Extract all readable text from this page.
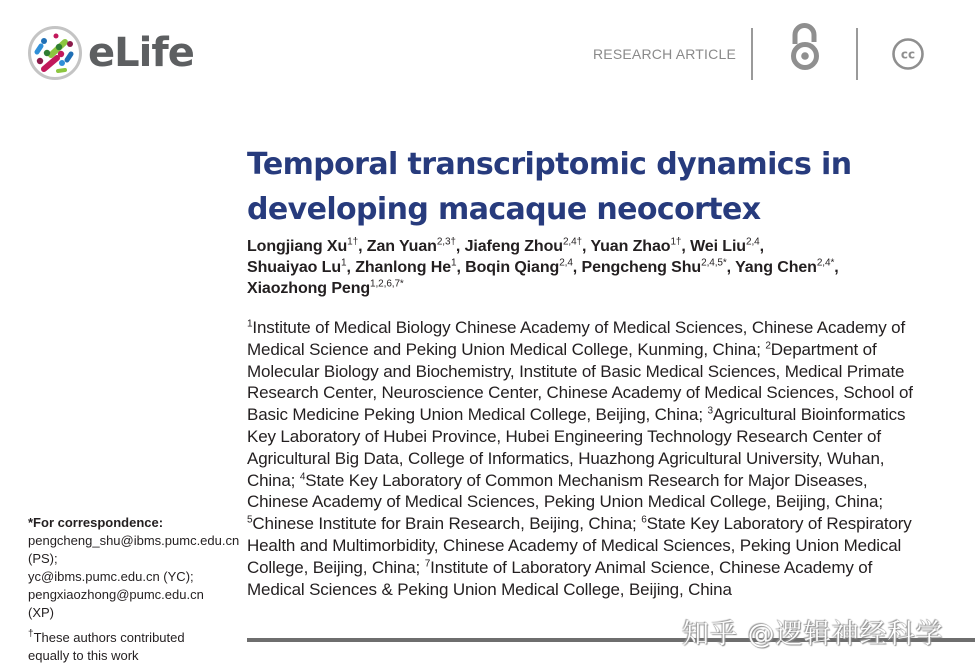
eLife	RESEARCH ARTICLE	cc
Temporal transcriptomic dynamics in developing macaque neocortex
Longjiang $Xu^{1\dagger}$, Zan Yuan$^{2,3\dagger}$, Jiafeng Zhou$^{2,4\dagger}$, Yuan Zhao$^{1\dagger}$, Wei Liu$^{2,4}$,
Shuaiyao Lu$^1$, Zhanlong He$^1$, Boqin Qiang$^{2,4}$, Pengcheng Shu$^{2,4,5*}$, Yang Chen$^{2,4*}$,
Xiaozhong Peng$^{1,2,6,7*}$
$^1$Institute of Medical Biology Chinese Academy of Medical Sciences, Chinese Academy of Medical Science and Peking Union Medical College, Kunming, China; $^2$Department of Molecular Biology and Biochemistry, Institute of Basic Medical Sciences, Medical Primate Research Center, Neuroscience Center, Chinese Academy of Medical Sciences, School of Basic Medicine Peking Union Medical College, Beijing, China; $^3$Agricultural Bioinformatics Key Laboratory of Hubei Province, Hubei Engineering Technology Research Center of Agricultural Big Data, College of Informatics, Huazhong Agricultural University, Wuhan, China; $^4$State Key Laboratory of Common Mechanism Research for Major Diseases, Chinese Academy of Medical Sciences, Peking Union Medical College, Beijing, China; $^5$Chinese Institute for Brain Research, Beijing, China; $^6$State Key Laboratory of Respiratory Health and Multimorbidity, Chinese Academy of Medical Sciences, Peking Union Medical College, Beijing, China; $^7$Institute of Laboratory Animal Science, Chinese Academy of Medical Sciences & Peking Union Medical College, Beijing, China
*For correspondence:
pengcheng_shu@ibms.pumc.edu.cn (PS);
yc@ibms.pumc.edu.cn (YC);
pengxiaozhong@pumc.edu.cn (XP)
†These authors contributed equally to this work
知乎 @逻辑神经科学
